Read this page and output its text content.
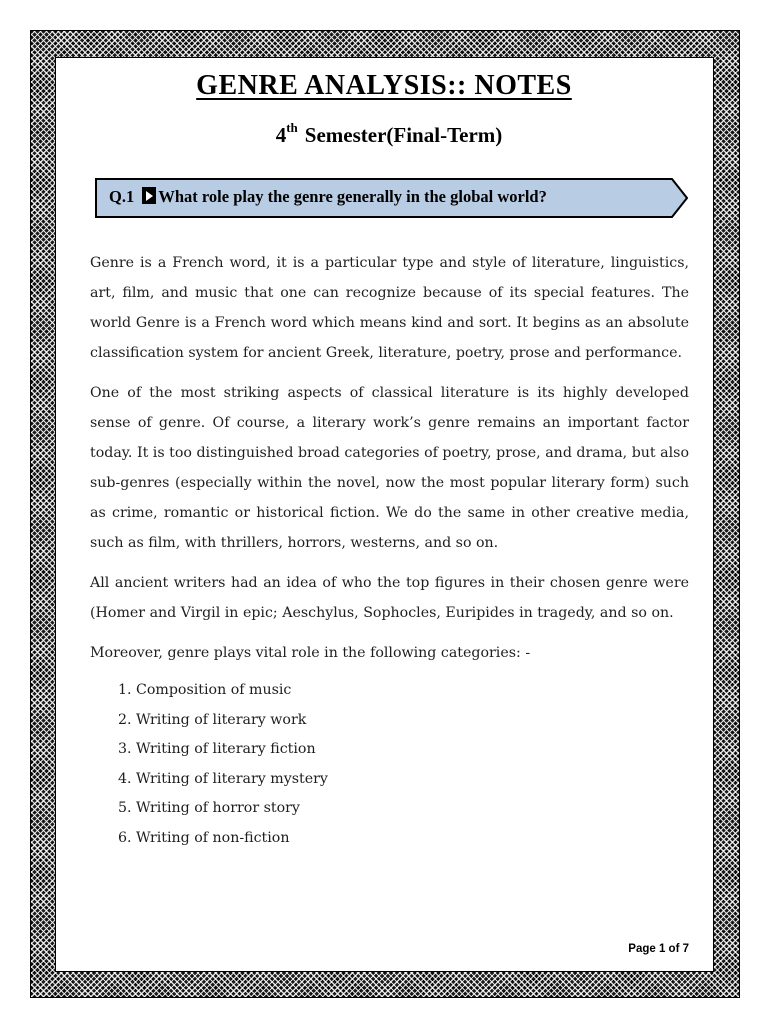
GENRE ANALYSIS:: NOTES
4th Semester(Final-Term)
Q.1 What role play the genre generally in the global world?

Genre is a French word, it is a particular type and style of literature, linguistics, art, film, and music that one can recognize because of its special features. The world Genre is a French word which means kind and sort. It begins as an absolute classification system for ancient Greek, literature, poetry, prose and performance.

One of the most striking aspects of classical literature is its highly developed sense of genre. Of course, a literary work’s genre remains an important factor today. It is too distinguished broad categories of poetry, prose, and drama, but also sub-genres (especially within the novel, now the most popular literary form) such as crime, romantic or historical fiction. We do the same in other creative media, such as film, with thrillers, horrors, westerns, and so on.

All ancient writers had an idea of who the top figures in their chosen genre were (Homer and Virgil in epic; Aeschylus, Sophocles, Euripides in tragedy, and so on.

Moreover, genre plays vital role in the following categories: -

1. Composition of music
2. Writing of literary work
3. Writing of literary fiction
4. Writing of literary mystery
5. Writing of horror story
6. Writing of non-fiction
Page 1 of 7
